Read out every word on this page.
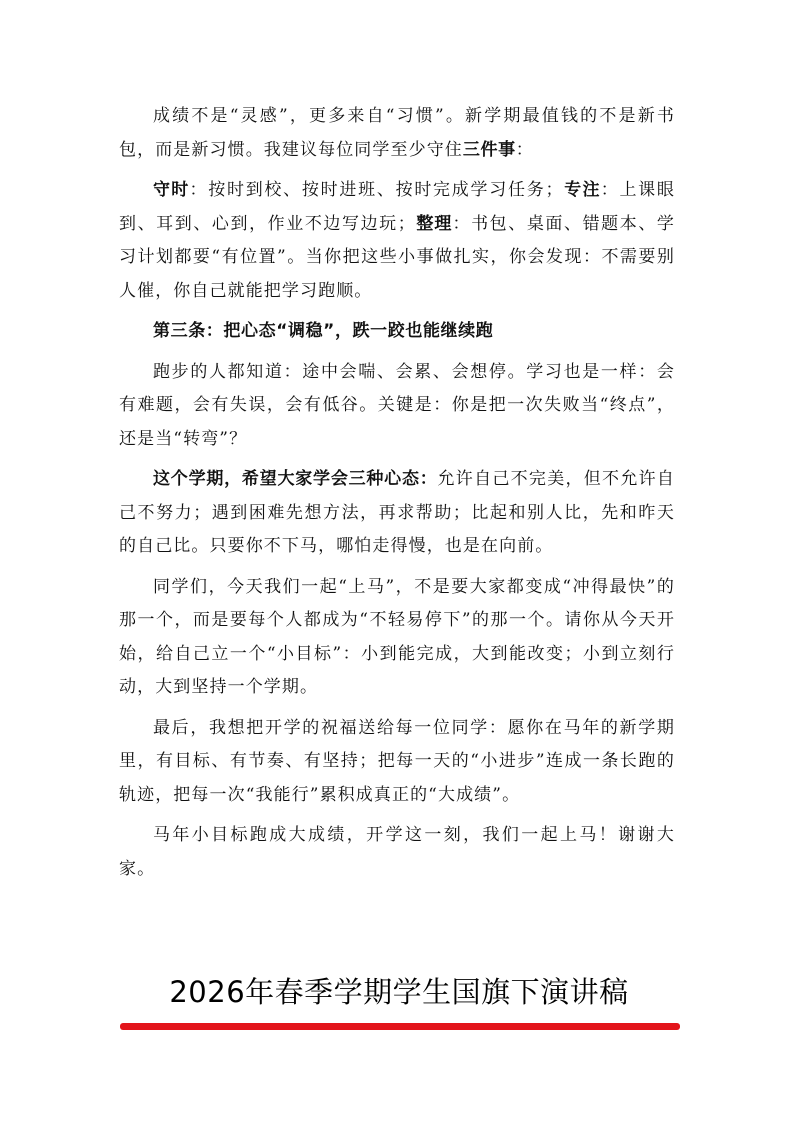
成绩不是“灵感”，更多来自“习惯”。新学期最值钱的不是新书包，而是新习惯。我建议每位同学至少守住三件事：

守时：按时到校、按时进班、按时完成学习任务；专注：上课眼到、耳到、心到，作业不边写边玩；整理：书包、桌面、错题本、学习计划都要“有位置”。当你把这些小事做扎实，你会发现：不需要别人催，你自己就能把学习跑顺。

第三条：把心态“调稳”，跌一跤也能继续跑

跑步的人都知道：途中会喘、会累、会想停。学习也是一样：会有难题，会有失误，会有低谷。关键是：你是把一次失败当“终点”，还是当“转弯”？

这个学期，希望大家学会三种心态：允许自己不完美，但不允许自己不努力；遇到困难先想方法，再求帮助；比起和别人比，先和昨天的自己比。只要你不下马，哪怕走得慢，也是在向前。

同学们，今天我们一起“上马”，不是要大家都变成“冲得最快”的那一个，而是要每个人都成为“不轻易停下”的那一个。请你从今天开始，给自己立一个“小目标”：小到能完成，大到能改变；小到立刻行动，大到坚持一个学期。

最后，我想把开学的祝福送给每一位同学：愿你在马年的新学期里，有目标、有节奏、有坚持；把每一天的“小进步”连成一条长跑的轨迹，把每一次“我能行”累积成真正的“大成绩”。

马年小目标跑成大成绩，开学这一刻，我们一起上马！谢谢大家。

2026年春季学期学生国旗下演讲稿
